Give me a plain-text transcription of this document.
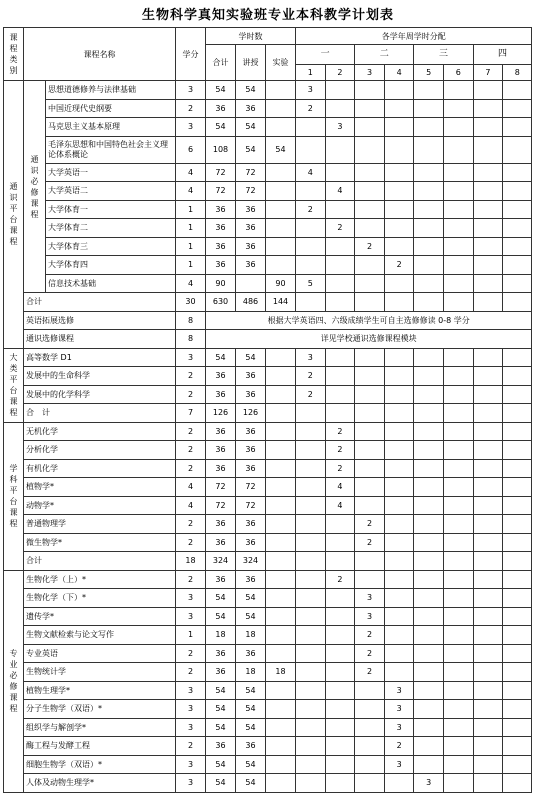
生物科学真知实验班专业本科教学计划表
课程类别	课程名称		学分	学时数			各学年周学时分配							
				合计	讲授	实验	一		二		三		四	
							1	2	3	4	5	6	7	8
通识平台课程	通识必修课程	思想道德修养与法律基础	3	54	54		3							
		中国近现代史纲要	2	36	36		2							
		马克思主义基本原理	3	54	54			3						
		毛泽东思想和中国特色社会主义理论体系概论	6	108	54	54								
		大学英语一	4	72	72		4							
		大学英语二	4	72	72			4						
		大学体育一	1	36	36		2							
		大学体育二	1	36	36			2						
		大学体育三	1	36	36				2					
		大学体育四	1	36	36					2				
		信息技术基础	4	90		90	5							
	合计		30	630	486	144								
	英语拓展选修		8	根据大学英语四、六级成绩学生可自主选修修读 0-8 学分										
	通识选修课程		8	详见学校通识选修课程模块										
大类平台课程	高等数学 D1		3	54	54		3							
	发展中的生命科学		2	36	36		2							
	发展中的化学科学		2	36	36		2							
	合　计		7	126	126									
学科平台课程	无机化学		2	36	36			2						
	分析化学		2	36	36			2						
	有机化学		2	36	36			2						
	植物学*		4	72	72			4						
	动物学*		4	72	72			4						
	普通物理学		2	36	36				2					
	微生物学*		2	36	36				2					
	合计		18	324	324									
专业必修课程	生物化学（上）*		2	36	36			2						
	生物化学（下）*		3	54	54				3					
	遗传学*		3	54	54				3					
	生物文献检索与论文写作		1	18	18				2					
	专业英语		2	36	36				2					
	生物统计学		2	36	18	18			2					
	植物生理学*		3	54	54					3				
	分子生物学（双语）*		3	54	54					3				
	组织学与解剖学*		3	54	54					3				
	酶工程与发酵工程		2	36	36					2				
	细胞生物学（双语）*		3	54	54					3				
	人体及动物生理学*		3	54	54						3			
